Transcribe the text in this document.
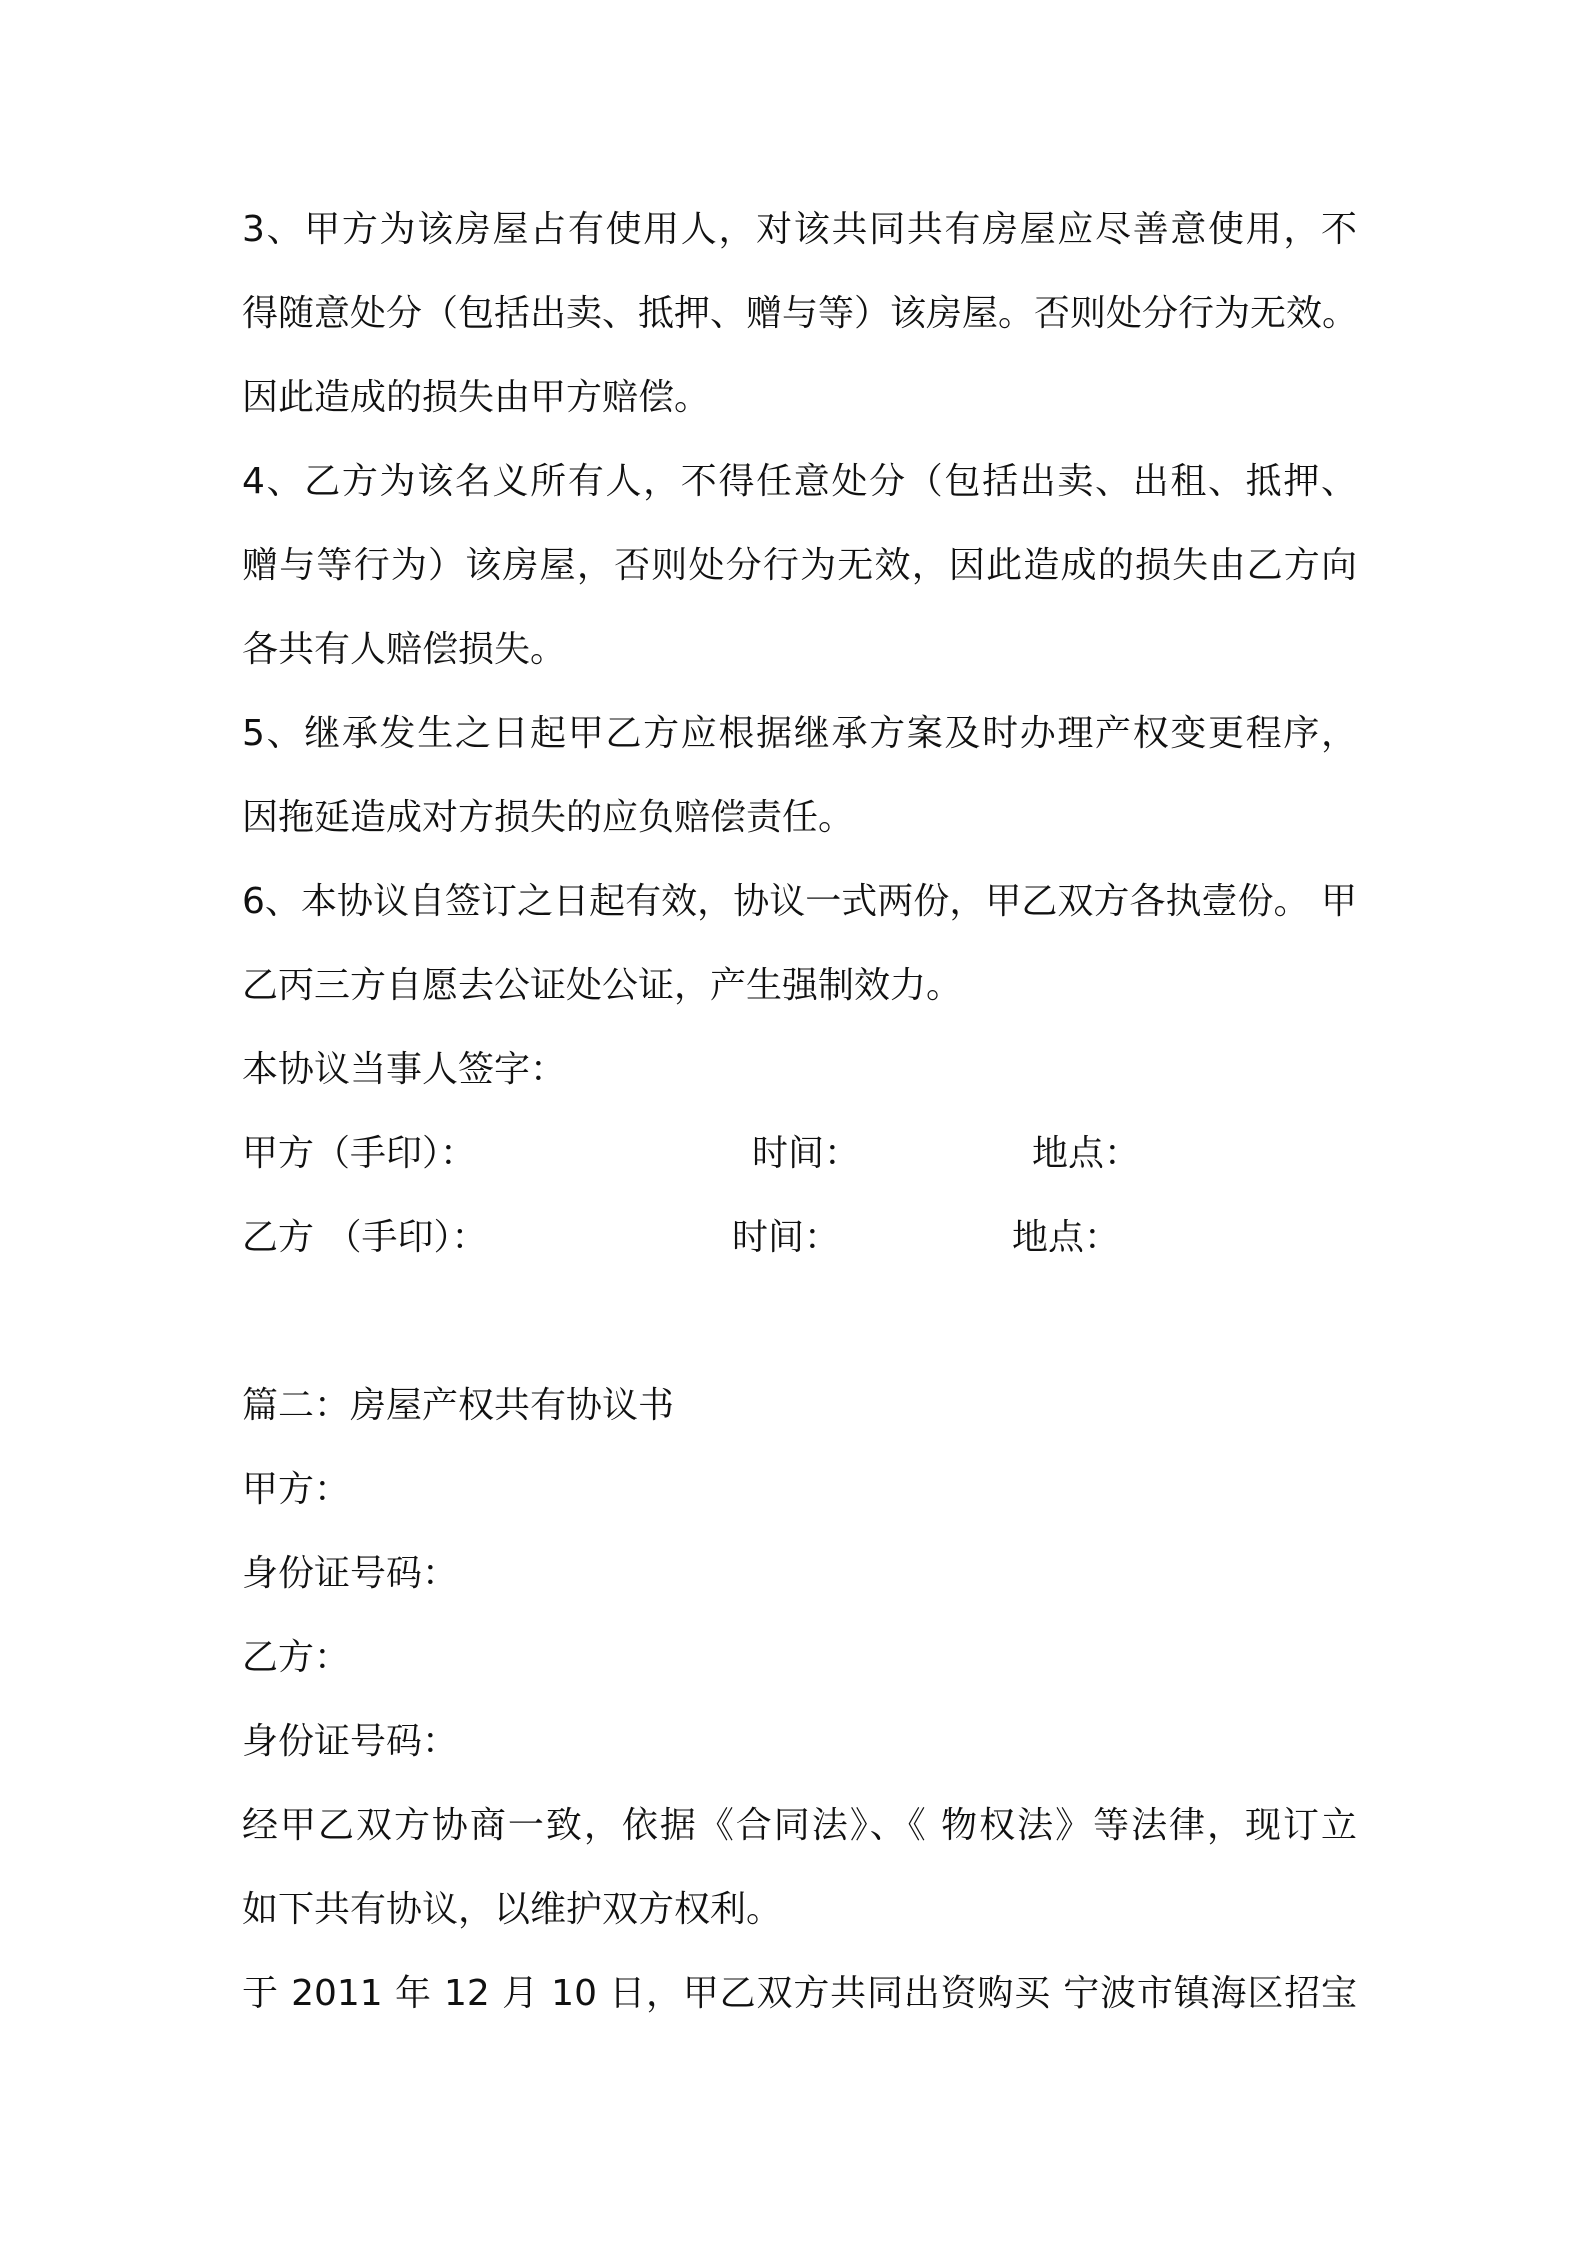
3、甲方为该房屋占有使用人，对该共同共有房屋应尽善意使用，不
得随意处分（包括出卖、抵押、赠与等）该房屋。否则处分行为无效。
因此造成的损失由甲方赔偿。
4、乙方为该名义所有人，不得任意处分（包括出卖、出租、抵押、
赠与等行为）该房屋，否则处分行为无效，因此造成的损失由乙方向
各共有人赔偿损失。
5、继承发生之日起甲乙方应根据继承方案及时办理产权变更程序，
因拖延造成对方损失的应负赔偿责任。
6、本协议自签订之日起有效，协议一式两份，甲乙双方各执壹份。 甲
乙丙三方自愿去公证处公证，产生强制效力。
本协议当事人签字：
甲方（手印）：	时间：	地点：
乙方 （手印）：	时间：	地点：
篇二：房屋产权共有协议书
甲方：
身份证号码：
乙方：
身份证号码：
经甲乙双方协商一致，依据《合同法》、《 物权法》等法律，现订立
如下共有协议，以维护双方权利。
于 2011 年 12 月 10 日，甲乙双方共同出资购买 宁波市镇海区招宝
